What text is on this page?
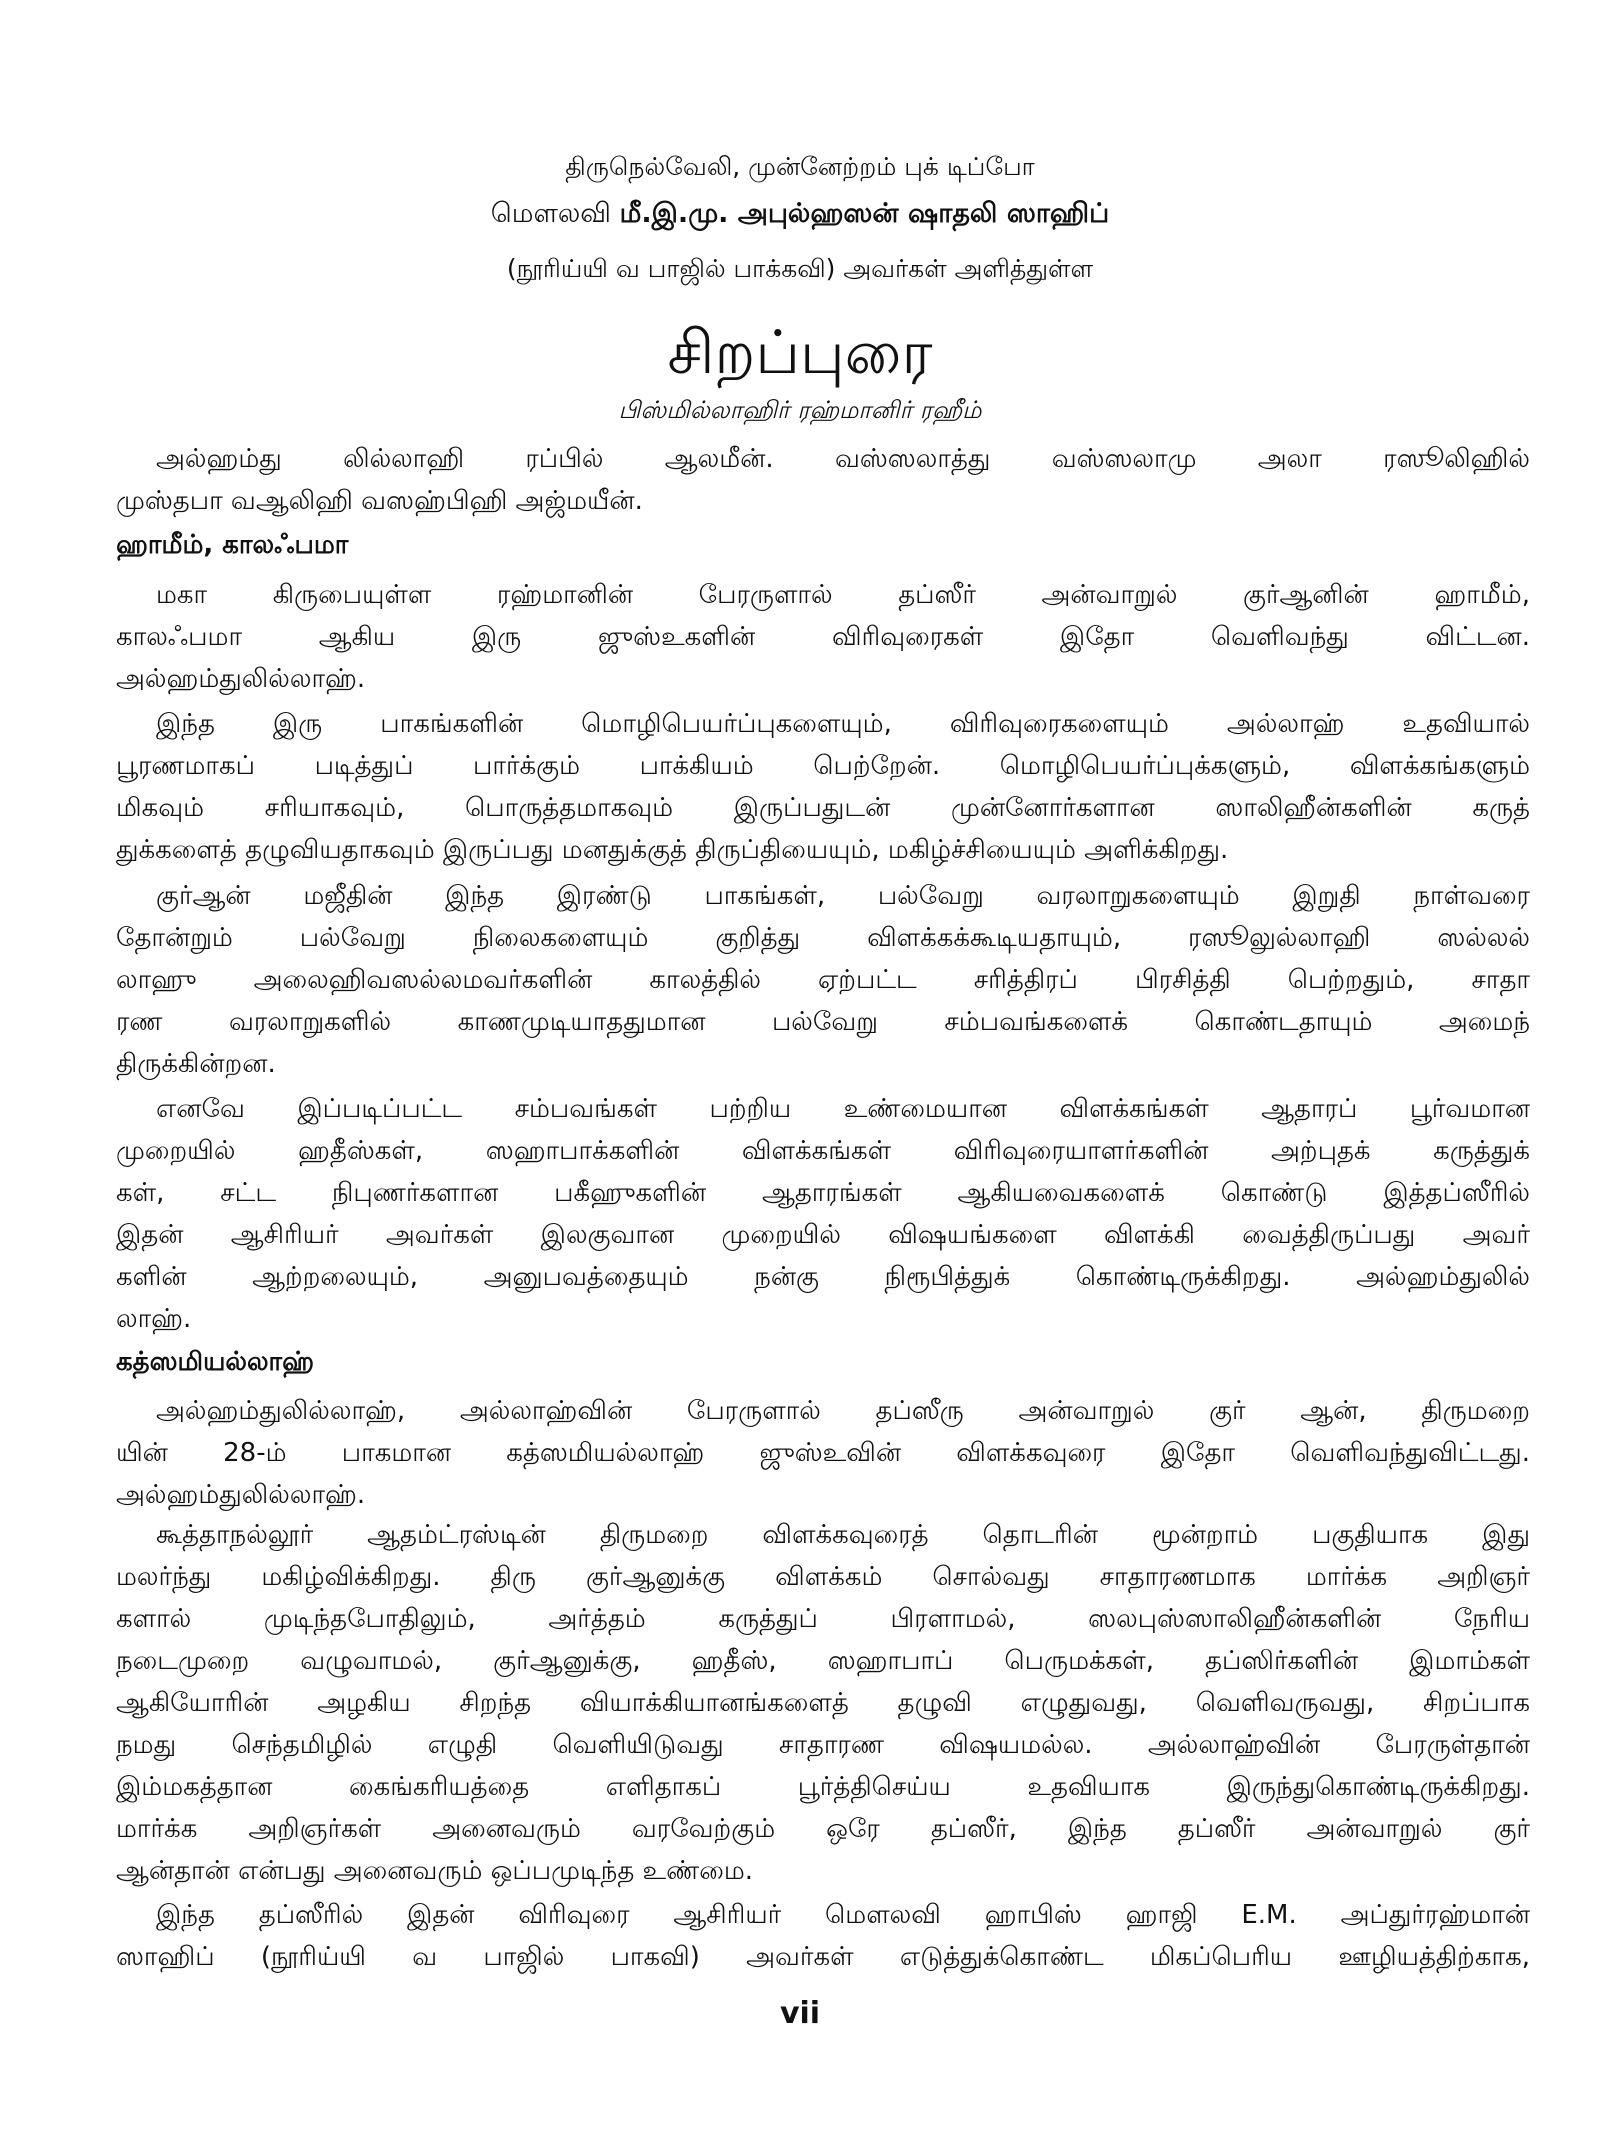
திருநெல்வேலி, முன்னேற்றம் புக் டிப்போ
மௌலவி மீ.இ.மு. அபுல்ஹஸன் ஷாதலி ஸாஹிப்
(நூரிய்யி வ பாஜில் பாக்கவி) அவர்கள் அளித்துள்ள
சிறப்புரை
பிஸ்மில்லாஹிர் ரஹ்மானிர் ரஹீம்
அல்ஹம்து லில்லாஹி ரப்பில் ஆலமீன். வஸ்ஸலாத்து வஸ்ஸலாமு அலா ரஸூலிஹில்
முஸ்தபா வஆலிஹி வஸஹ்பிஹி அஜ்மயீன்.
ஹாமீம், காலஃபமா
மகா கிருபையுள்ள ரஹ்மானின் பேரருளால் தப்ஸீர் அன்வாறுல் குர்ஆனின் ஹாமீம்,
காலஃபமா ஆகிய இரு ஜுஸ்உகளின் விரிவுரைகள் இதோ வெளிவந்து விட்டன.
அல்ஹம்துலில்லாஹ்.
இந்த இரு பாகங்களின் மொழிபெயர்ப்புகளையும், விரிவுரைகளையும் அல்லாஹ் உதவியால்
பூரணமாகப் படித்துப் பார்க்கும் பாக்கியம் பெற்றேன். மொழிபெயர்ப்புக்களும், விளக்கங்களும்
மிகவும் சரியாகவும், பொருத்தமாகவும் இருப்பதுடன் முன்னோர்களான ஸாலிஹீன்களின் கருத்
துக்களைத் தழுவியதாகவும் இருப்பது மனதுக்குத் திருப்தியையும், மகிழ்ச்சியையும் அளிக்கிறது.
குர்ஆன் மஜீதின் இந்த இரண்டு பாகங்கள், பல்வேறு வரலாறுகளையும் இறுதி நாள்வரை
தோன்றும் பல்வேறு நிலைகளையும் குறித்து விளக்கக்கூடியதாயும், ரஸூலுல்லாஹி ஸல்லல்
லாஹு அலைஹிவஸல்லமவர்களின் காலத்தில் ஏற்பட்ட சரித்திரப் பிரசித்தி பெற்றதும், சாதா
ரண வரலாறுகளில் காணமுடியாததுமான பல்வேறு சம்பவங்களைக் கொண்டதாயும் அமைந்
திருக்கின்றன.
எனவே இப்படிப்பட்ட சம்பவங்கள் பற்றிய உண்மையான விளக்கங்கள் ஆதாரப் பூர்வமான
முறையில் ஹதீஸ்கள், ஸஹாபாக்களின் விளக்கங்கள் விரிவுரையாளர்களின் அற்புதக் கருத்துக்
கள், சட்ட நிபுணர்களான பகீஹுகளின் ஆதாரங்கள் ஆகியவைகளைக் கொண்டு இத்தப்ஸீரில்
இதன் ஆசிரியர் அவர்கள் இலகுவான முறையில் விஷயங்களை விளக்கி வைத்திருப்பது அவர்
களின் ஆற்றலையும், அனுபவத்தையும் நன்கு நிரூபித்துக் கொண்டிருக்கிறது. அல்ஹம்துலில்
லாஹ்.
கத்ஸமியல்லாஹ்
அல்ஹம்துலில்லாஹ், அல்லாஹ்வின் பேரருளால் தப்ஸீரு அன்வாறுல் குர் ஆன், திருமறை
யின் 28-ம் பாகமான கத்ஸமியல்லாஹ் ஜுஸ்உவின் விளக்கவுரை இதோ வெளிவந்துவிட்டது.
அல்ஹம்துலில்லாஹ்.
கூத்தாநல்லூர் ஆதம்ட்ரஸ்டின் திருமறை விளக்கவுரைத் தொடரின் மூன்றாம் பகுதியாக இது
மலர்ந்து மகிழ்விக்கிறது. திரு குர்ஆனுக்கு விளக்கம் சொல்வது சாதாரணமாக மார்க்க அறிஞர்
களால் முடிந்தபோதிலும், அர்த்தம் கருத்துப் பிரளாமல், ஸலபுஸ்ஸாலிஹீன்களின் நேரிய
நடைமுறை வழுவாமல், குர்ஆனுக்கு, ஹதீஸ், ஸஹாபாப் பெருமக்கள், தப்ஸிர்களின் இமாம்கள்
ஆகியோரின் அழகிய சிறந்த வியாக்கியானங்களைத் தழுவி எழுதுவது, வெளிவருவது, சிறப்பாக
நமது செந்தமிழில் எழுதி வெளியிடுவது சாதாரண விஷயமல்ல. அல்லாஹ்வின் பேரருள்தான்
இம்மகத்தான கைங்கரியத்தை எளிதாகப் பூர்த்திசெய்ய உதவியாக இருந்துகொண்டிருக்கிறது.
மார்க்க அறிஞர்கள் அனைவரும் வரவேற்கும் ஒரே தப்ஸீர், இந்த தப்ஸீர் அன்வாறுல் குர்
ஆன்தான் என்பது அனைவரும் ஒப்பமுடிந்த உண்மை.
இந்த தப்ஸீரில் இதன் விரிவுரை ஆசிரியர் மௌலவி ஹாபிஸ் ஹாஜி E.M. அப்துர்ரஹ்மான்
ஸாஹிப் (நூரிய்யி வ பாஜில் பாகவி) அவர்கள் எடுத்துக்கொண்ட மிகப்பெரிய ஊழியத்திற்காக,
vii
